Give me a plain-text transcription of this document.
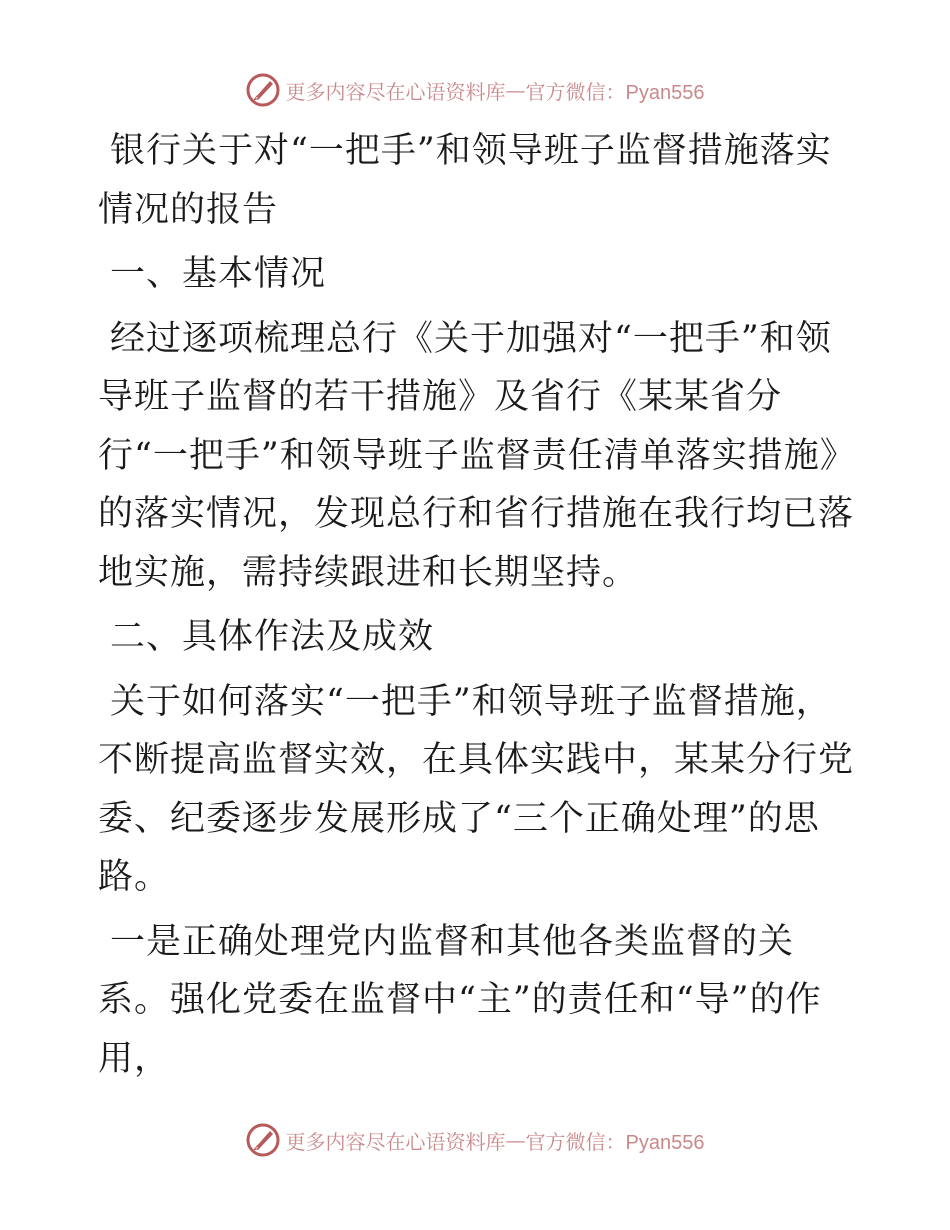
更多内容尽在心语资料库 — 官方微信：Pyan556

银行关于对“一把手”和领导班子监督措施落实情况的报告

一、基本情况

经过逐项梳理总行《关于加强对“一把手”和领导班子监督的若干措施》及省行《某某省分行“一把手”和领导班子监督责任清单落实措施》的落实情况，发现总行和省行措施在我行均已落地实施，需持续跟进和长期坚持。

二、具体作法及成效

关于如何落实“一把手”和领导班子监督措施，不断提高监督实效，在具体实践中，某某分行党委、纪委逐步发展形成了“三个正确处理”的思路。

一是正确处理党内监督和其他各类监督的关系。强化党委在监督中“主”的责任和“导”的作用，

更多内容尽在心语资料库 — 官方微信：Pyan556
